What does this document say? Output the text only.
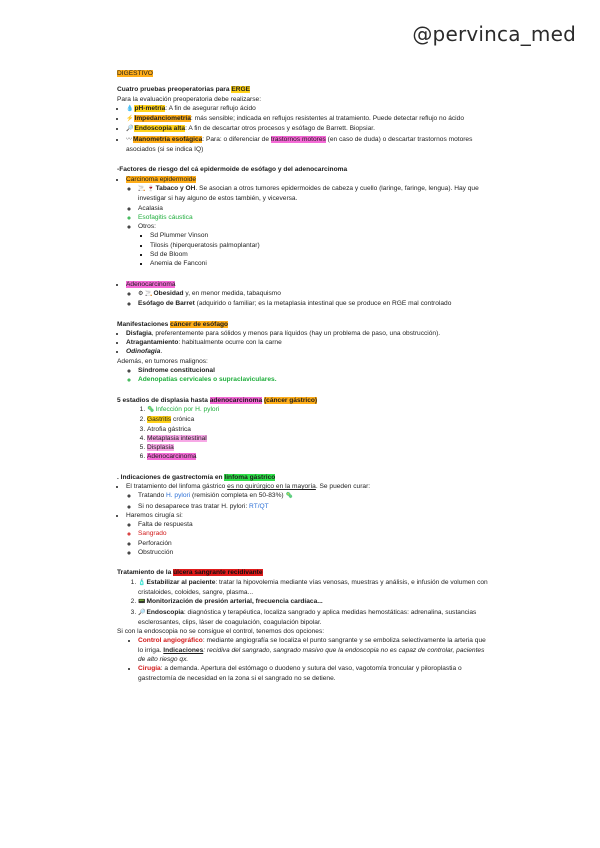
@pervinca_med

DIGESTIVO

Cuatro pruebas preoperatorias para ERGE

Para la evaluación preoperatoria debe realizarse:

• 💧pH-metría: A fin de asegurar reflujo ácido
• ⚡Impedanciometría: más sensible; indicada en reflujos resistentes al tratamiento. Puede detectar reflujo no ácido
• 🔎Endoscopia alta: A fin de descartar otros procesos y esófago de Barrett. Biopsiar.
• 〰Manometría esofágica: Para: o diferenciar de trastornos motores (en caso de duda) o descartar trastornos motores asociados (si se indica IQ)

-Factores de riesgo del cá epidermoide de esófago y del adenocarcinoma

• Carcinoma epidermoide
◦ 🚬 🍷Tabaco y OH. Se asocian a otros tumores epidermoides de cabeza y cuello (laringe, faringe, lengua). Hay que investigar si hay alguno de estos también, y viceversa.
◦ Acalasia
◦ Esofagitis cáustica
◦ Otros:
▪ Sd Plummer Vinson
▪ Tilosis (hiperqueratosis palmoplantar)
▪ Sd de Bloom
▪ Anemia de Fanconi
• Adenocarcinoma
◦ ⚙ 🚬Obesidad y, en menor medida, tabaquismo
◦ Esófago de Barret (adquirido o familiar; es la metaplasia intestinal que se produce en RGE mal controlado

Manifestaciones cáncer de esófago

• Disfagia, preferentemente para sólidos y menos para líquidos (hay un problema de paso, una obstrucción).
• Atragantamiento: habitualmente ocurre con la carne
• Odinofagia.

Además, en tumores malignos:

◦ Síndrome constitucional
◦ Adenopatías cervicales o supraclaviculares.

5 estadios de displasia hasta adenocarcinoma (cáncer gástrico)

1. 🦠Infección por H. pylori
2. Gastritis crónica
3. Atrofia gástrica
4. Metaplasia intestinal
5. Displasia
6. Adenocarcinoma

. Indicaciones de gastrectomía en linfoma gástrico

• El tratamiento del linfoma gástrico es no quirúrgico en la mayoría. Se pueden curar:
◦ Tratando H. pylori (remisión completa en 50-83%) 🦠
◦ Si no desaparece tras tratar H. pylori: RT/QT
• Haremos cirugía si:
◦ Falta de respuesta
◦ Sangrado
◦ Perforación
◦ Obstrucción

Tratamiento de la úlcera sangrante recidivante

1. 🧴Estabilizar al paciente: tratar la hipovolemia mediante vías venosas, muestras y análisis, e infusión de volumen con cristaloides, coloides, sangre, plasma...
2. 📟Monitorización de presión arterial, frecuencia cardíaca...
3. 🔎Endoscopia: diagnóstica y terapéutica, localiza sangrado y aplica medidas hemostáticas: adrenalina, sustancias esclerosantes, clips, láser de coagulación, coagulación bipolar.

Si con la endoscopia no se consigue el control, tenemos dos opciones:

• Control angiográfico: mediante angiografía se localiza el punto sangrante y se emboliza selectivamente la arteria que lo irriga. Indicaciones: recidiva del sangrado, sangrado masivo que la endoscopia no es capaz de controlar, pacientes de alto riesgo qx.
• Cirugía: a demanda. Apertura del estómago o duodeno y sutura del vaso, vagotomía troncular y piloroplastia o gastrectomía de necesidad en la zona si el sangrado no se detiene.
